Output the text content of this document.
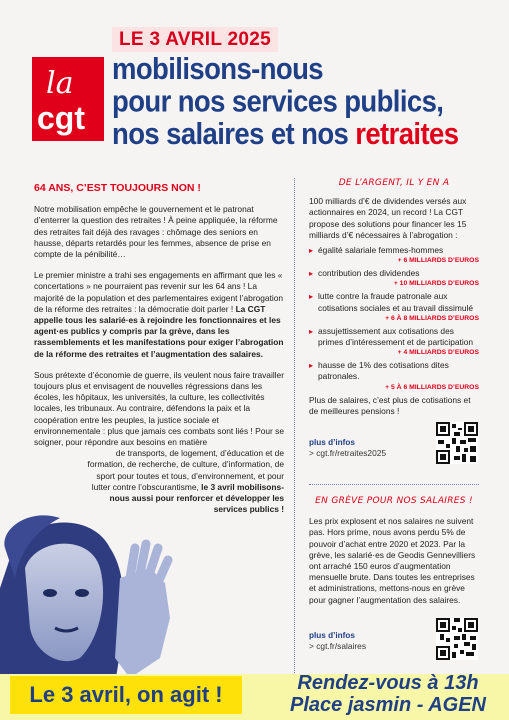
la
cgt
LE 3 AVRIL 2025
mobilisons-nous
pour nos services publics,
nos salaires et nos retraites
64 ANS, C’EST TOUJOURS NON !

Notre mobilisation empêche le gouvernement et le patronat d’enterrer la question des retraites ! À peine appliquée, la réforme des retraites fait déjà des ravages : chômage des seniors en hausse, départs retardés pour les femmes, absence de prise en compte de la pénibilité…

Le premier ministre a trahi ses engagements en affirmant que les « concertations » ne pourraient pas revenir sur les 64 ans ! La majorité de la population et des parlementaires exigent l’abrogation de la réforme des retraites : la démocratie doit parler ! La CGT appelle tous les salarié·es à rejoindre les fonctionnaires et les agent·es publics y compris par la grève, dans les rassemblements et les manifestations pour exiger l’abrogation de la réforme des retraites et l’augmentation des salaires.

Sous prétexte d’économie de guerre, ils veulent nous faire travailler toujours plus et envisagent de nouvelles régressions dans les écoles, les hôpitaux, les universités, la culture, les collectivités locales, les tribunaux. Au contraire, défendons la paix et la coopération entre les peuples, la justice sociale et environnementale : plus que jamais ces combats sont liés ! Pour se soigner, pour répondre aux besoins en matière

de transports, de logement, d’éducation et de formation, de recherche, de culture, d’information, de sport pour toutes et tous, d’environnement, et pour lutter contre l’obscurantisme, le 3 avril mobilisons-nous aussi pour renforcer et développer les services publics !

DE L’ARGENT, IL Y EN A

100 milliards d’€ de dividendes versés aux actionnaires en 2024, un record ! La CGT propose des solutions pour financer les 15 milliards d’€ nécessaires à l’abrogation :

▸ égalité salariale femmes-hommes
+ 6 MILLIARDS D’EUROS
▸ contribution des dividendes
+ 10 MILLIARDS D’EUROS
▸ lutte contre la fraude patronale aux cotisations sociales et au travail dissimulé
+ 6 À 8 MILLIARDS D’EUROS
▸ assujettissement aux cotisations des primes d’intéressement et de participation
+ 4 MILLIARDS D’EUROS
▸ hausse de 1% des cotisations dites patronales.
+ 5 À 6 MILLIARDS D’EUROS

Plus de salaires, c’est plus de cotisations et de meilleures pensions !

plus d’infos
> cgt.fr/retraites2025
EN GRÈVE POUR NOS SALAIRES !

Les prix explosent et nos salaires ne suivent pas. Hors prime, nous avons perdu 5% de pouvoir d’achat entre 2020 et 2023. Par la grève, les salarié·es de Geodis Gennevilliers ont arraché 150 euros d’augmentation mensuelle brute. Dans toutes les entreprises et administrations, mettons-nous en grève pour gagner l’augmentation des salaires.

plus d’infos
> cgt.fr/salaires
Le 3 avril, on agit !	Rendez-vous à 13h
Place jasmin - AGEN
